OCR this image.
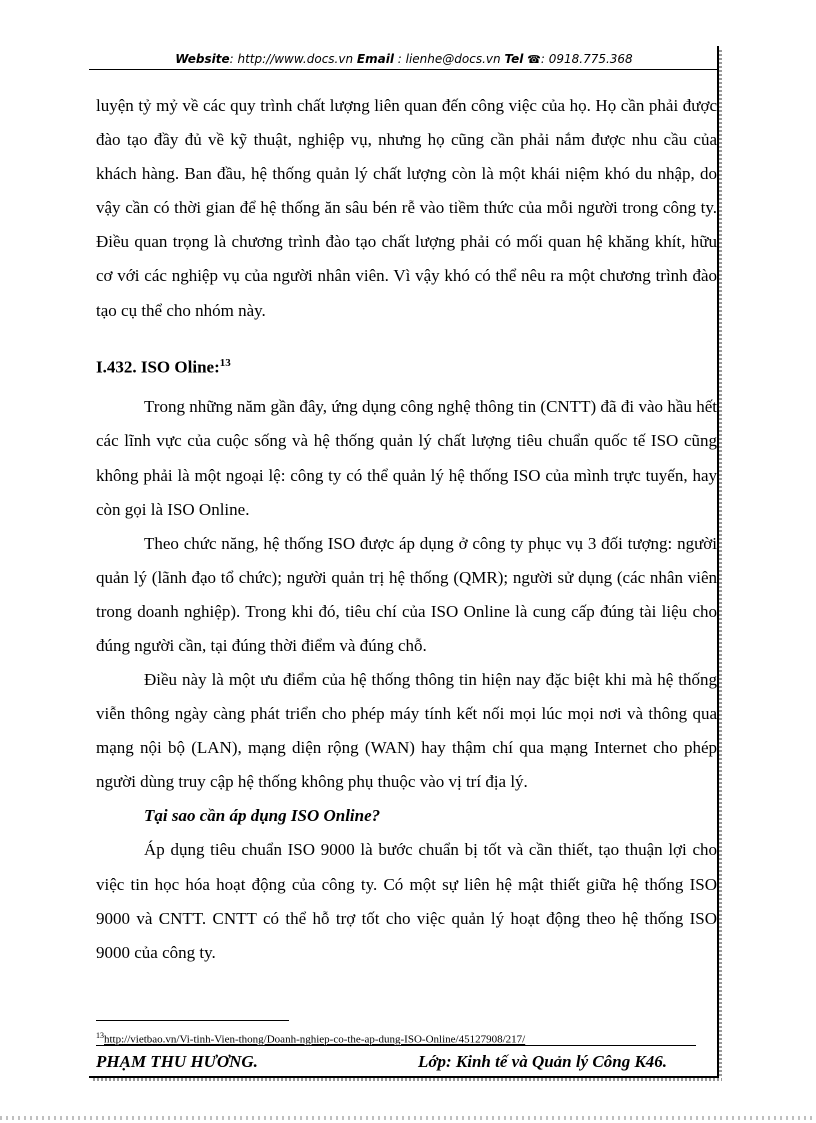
Website: http://www.docs.vn Email : lienhe@docs.vn Tel ☎: 0918.775.368

luyện tỷ mỷ về các quy trình chất lượng liên quan đến công việc của họ. Họ cần phải được đào tạo đầy đủ về kỹ thuật, nghiệp vụ, nhưng họ cũng cần phải nắm được nhu cầu của khách hàng. Ban đầu, hệ thống quản lý chất lượng còn là một khái niệm khó du nhập, do vậy cần có thời gian để hệ thống ăn sâu bén rễ vào tiềm thức của mỗi người trong công ty. Điều quan trọng là chương trình đào tạo chất lượng phải có mối quan hệ khăng khít, hữu cơ với các nghiệp vụ của người nhân viên. Vì vậy khó có thể nêu ra một chương trình đào tạo cụ thể cho nhóm này.

I.432. ISO Oline:$^{13}$

Trong những năm gần đây, ứng dụng công nghệ thông tin (CNTT) đã đi vào hầu hết các lĩnh vực của cuộc sống và hệ thống quản lý chất lượng tiêu chuẩn quốc tế ISO cũng không phải là một ngoại lệ: công ty có thể quản lý hệ thống ISO của mình trực tuyến, hay còn gọi là ISO Online.

Theo chức năng, hệ thống ISO được áp dụng ở công ty phục vụ 3 đối tượng: người quản lý (lãnh đạo tổ chức); người quản trị hệ thống (QMR); người sử dụng (các nhân viên trong doanh nghiệp). Trong khi đó, tiêu chí của ISO Online là cung cấp đúng tài liệu cho đúng người cần, tại đúng thời điểm và đúng chỗ.

Điều này là một ưu điểm của hệ thống thông tin hiện nay đặc biệt khi mà hệ thống viễn thông ngày càng phát triển cho phép máy tính kết nối mọi lúc mọi nơi và thông qua mạng nội bộ (LAN), mạng diện rộng (WAN) hay thậm chí qua mạng Internet cho phép người dùng truy cập hệ thống không phụ thuộc vào vị trí địa lý.

Tại sao cần áp dụng ISO Online?

Áp dụng tiêu chuẩn ISO 9000 là bước chuẩn bị tốt và cần thiết, tạo thuận lợi cho việc tin học hóa hoạt động của công ty. Có một sự liên hệ mật thiết giữa hệ thống ISO 9000 và CNTT. CNTT có thể hỗ trợ tốt cho việc quản lý hoạt động theo hệ thống ISO 9000 của công ty.

$^{13}$http://vietbao.vn/Vi-tinh-Vien-thong/Doanh-nghiep-co-the-ap-dung-ISO-Online/45127908/217/
PHẠM THU HƯƠNG.	Lớp: Kinh tế và Quản lý Công K46.
